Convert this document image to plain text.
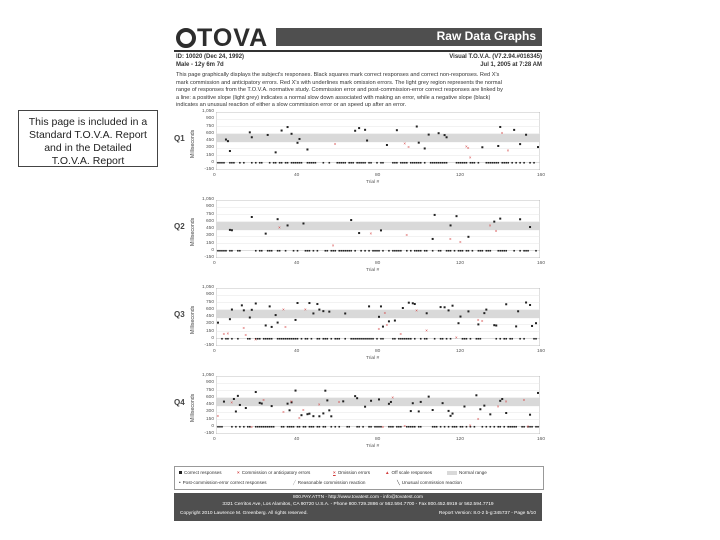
This page is included in a
Standard T.O.V.A. Report
and in the Detailed
T.O.V.A. Report
TOVA	Raw Data Graphs
ID: 10020 (Dec 24, 1992)
Male - 12y 6m 7d
Visual T.O.V.A. (V7.2.94.#016345)
Jul 1, 2005 at 7:28 AM
This page graphically displays the subject's responses. Black squares mark correct responses and correct non-responses. Red X's
mark commission and anticipatory errors. Red X's with underlines mark omission errors. The light grey region represents the normal
range of responses from the T.O.V.A. normative study. Commission error and post-commission-error correct responses are linked by
a line: a positive slope (light grey) indicates a normal slow down associated with making an error, while a negative slope (black)
indicates an unusual reaction of either a slow commission error or an speed up after an error.
Q1 Milliseconds
1,050
900
750
600
450
300
150
0
-150
0	40	80	120	160
Trial #
×	×
×	× ×
×
×
×
Q2 Milliseconds
1,050
900
750
600
450
300
150
0
-150
0	40	80	120	160
Trial #
×
×
×	×
×
×
×
×
Q3 Milliseconds
1,050
900
750
600
450
300
150
0
-150
0	40	80	120	160
Trial #
× ×
×
×
×
×
×
×
×
×
×
×
×
×
×
× ×
Q4 Milliseconds
1,050
900
750
600
450
300
150
0
-150
0	40	80	120	160
Trial #
×
×
×
×
×
×
×
×
×	×
×
×
×	×
×
×
×	×
×
Correct responses	× Commission or anticipatory errors	× Omission errors	▲ Off scale responses	Normal range
• Post-commission-error correct responses	╱ Reasonable commission reaction	╲ Unusual commission reaction
800.PAY.ATTN - http://www.tovatest.com - info@tovatest.com
3321 Cerritos Ave, Los Alamitos, CA 90720 U.S.A. - Phone 800.729.2886 or 562.594.7700 - Fax 800.452.6919 or 562.594.7719
Copyright 2010 Lawrence M. Greenberg. All rights reserved.	Report Version: 8.0-2 b-g:345737 - Page 5/10
